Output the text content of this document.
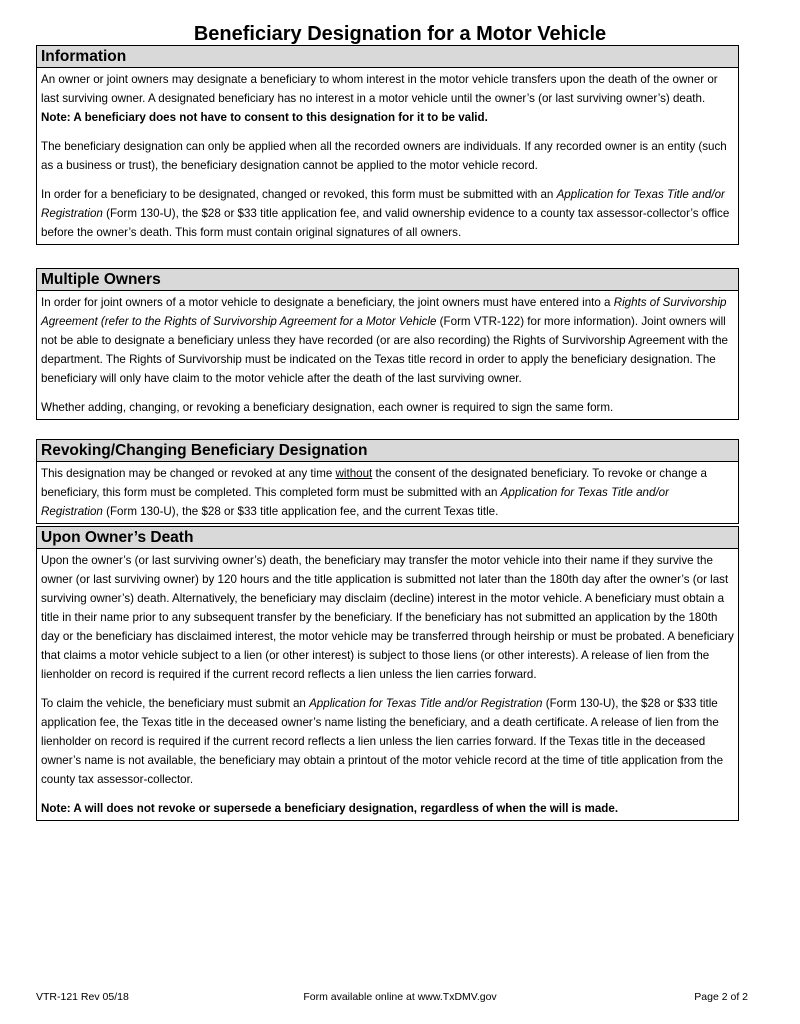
Beneficiary Designation for a Motor Vehicle
Information

An owner or joint owners may designate a beneficiary to whom interest in the motor vehicle transfers upon the death of the owner or last surviving owner. A designated beneficiary has no interest in a motor vehicle until the owner’s (or last surviving owner’s) death. Note: A beneficiary does not have to consent to this designation for it to be valid.

The beneficiary designation can only be applied when all the recorded owners are individuals. If any recorded owner is an entity (such as a business or trust), the beneficiary designation cannot be applied to the motor vehicle record.

In order for a beneficiary to be designated, changed or revoked, this form must be submitted with an Application for Texas Title and/or Registration (Form 130-U), the $28 or $33 title application fee, and valid ownership evidence to a county tax assessor-collector’s office before the owner’s death. This form must contain original signatures of all owners.

Multiple Owners

In order for joint owners of a motor vehicle to designate a beneficiary, the joint owners must have entered into a Rights of Survivorship Agreement (refer to the Rights of Survivorship Agreement for a Motor Vehicle (Form VTR-122) for more information). Joint owners will not be able to designate a beneficiary unless they have recorded (or are also recording) the Rights of Survivorship Agreement with the department. The Rights of Survivorship must be indicated on the Texas title record in order to apply the beneficiary designation. The beneficiary will only have claim to the motor vehicle after the death of the last surviving owner.

Whether adding, changing, or revoking a beneficiary designation, each owner is required to sign the same form.

Revoking/Changing Beneficiary Designation

This designation may be changed or revoked at any time without the consent of the designated beneficiary. To revoke or change a beneficiary, this form must be completed. This completed form must be submitted with an Application for Texas Title and/or Registration (Form 130-U), the $28 or $33 title application fee, and the current Texas title.

Upon Owner’s Death

Upon the owner’s (or last surviving owner’s) death, the beneficiary may transfer the motor vehicle into their name if they survive the owner (or last surviving owner) by 120 hours and the title application is submitted not later than the 180th day after the owner’s (or last surviving owner’s) death. Alternatively, the beneficiary may disclaim (decline) interest in the motor vehicle. A beneficiary must obtain a title in their name prior to any subsequent transfer by the beneficiary. If the beneficiary has not submitted an application by the 180th day or the beneficiary has disclaimed interest, the motor vehicle may be transferred through heirship or must be probated. A beneficiary that claims a motor vehicle subject to a lien (or other interest) is subject to those liens (or other interests). A release of lien from the lienholder on record is required if the current record reflects a lien unless the lien carries forward.

To claim the vehicle, the beneficiary must submit an Application for Texas Title and/or Registration (Form 130-U), the $28 or $33 title application fee, the Texas title in the deceased owner’s name listing the beneficiary, and a death certificate. A release of lien from the lienholder on record is required if the current record reflects a lien unless the lien carries forward. If the Texas title in the deceased owner’s name is not available, the beneficiary may obtain a printout of the motor vehicle record at the time of title application from the county tax assessor-collector.

Note: A will does not revoke or supersede a beneficiary designation, regardless of when the will is made.

VTR-121 Rev 05/18	Form available online at www.TxDMV.gov	Page 2 of 2
